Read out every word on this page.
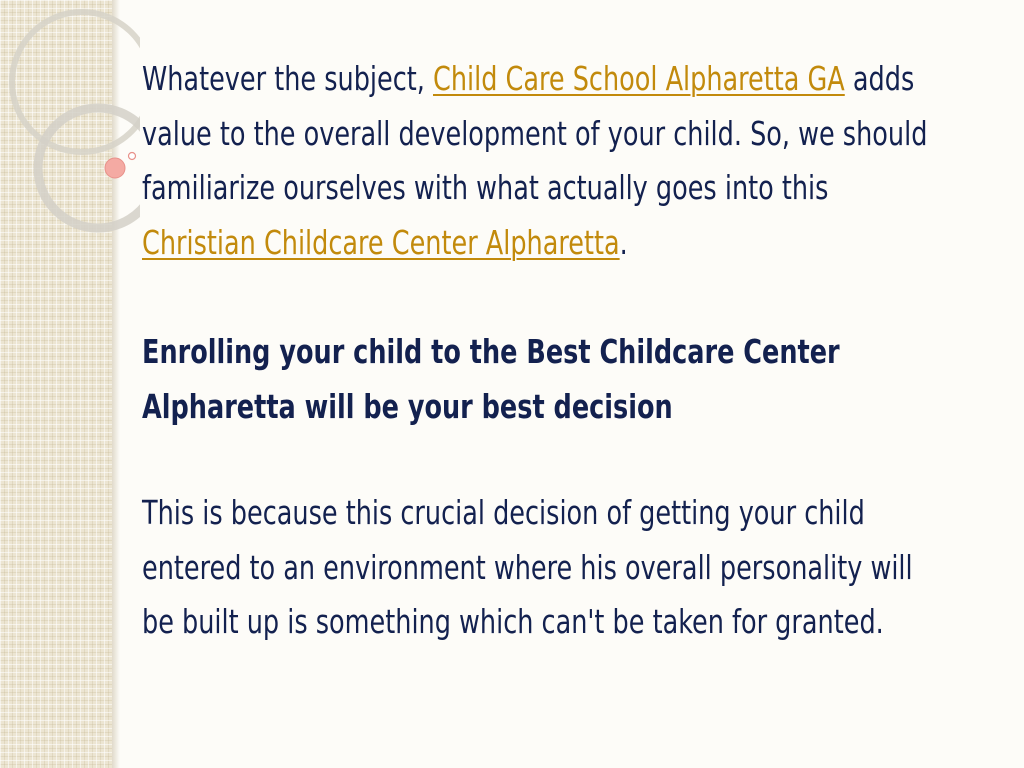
Whatever the subject, Child Care School Alpharetta GA adds
value to the overall development of your child. So, we should
familiarize ourselves with what actually goes into this
Christian Childcare Center Alpharetta.

Enrolling your child to the Best Childcare Center
Alpharetta will be your best decision

This is because this crucial decision of getting your child
entered to an environment where his overall personality will
be built up is something which can't be taken for granted.
